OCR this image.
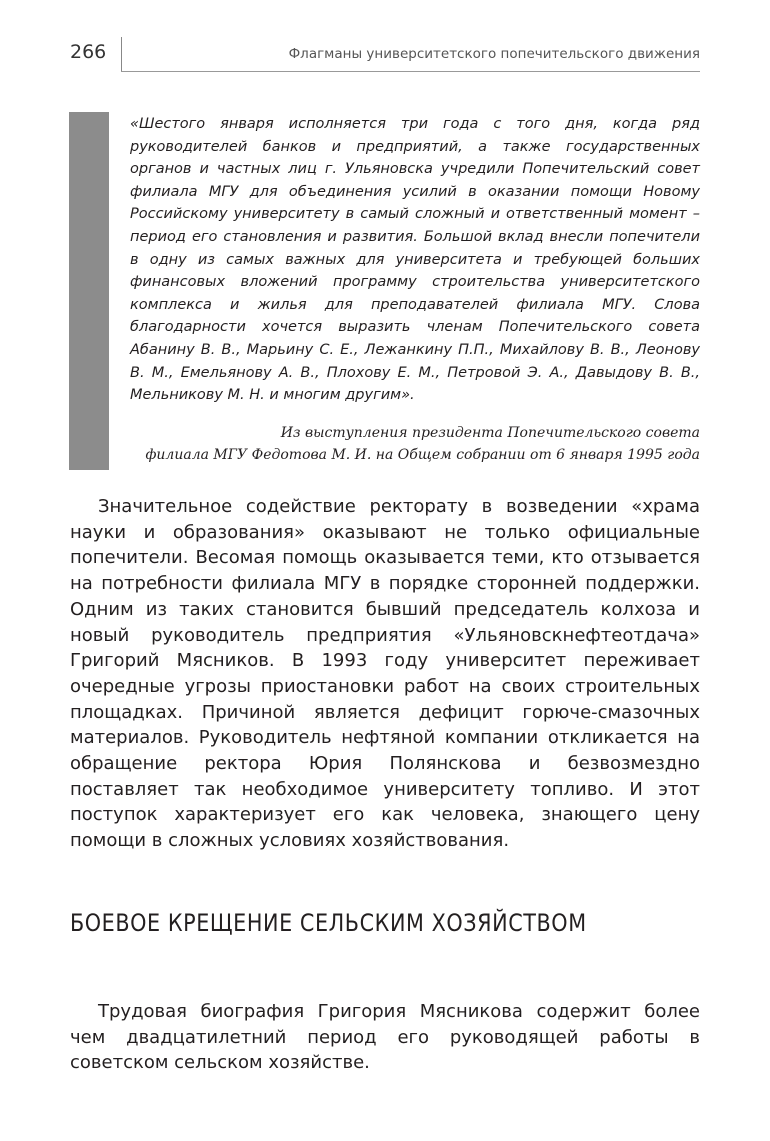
266	Флагманы университетского попечительского движения
«Шестого января исполняется три года с того дня, когда ряд руководителей банков и предприятий, а также государственных органов и частных лиц г. Ульяновска учредили Попечительский совет филиала МГУ для объединения усилий в оказании помощи Новому Российскому университету в самый сложный и ответственный момент – период его становления и развития. Большой вклад внесли попечители в одну из самых важных для университета и требующей больших финансовых вложений программу строительства университетского комплекса и жилья для преподавателей филиала МГУ. Слова благодарности хочется выразить членам Попечительского совета Абанину В. В., Марьину С. Е., Лежанкину П.П., Михайлову В. В., Леонову В. М., Емельянову А. В., Плохову Е. М., Петровой Э. А., Давыдову В. В., Мельникову М. Н. и многим другим».
Из выступления президента Попечительского совета
филиала МГУ Федотова М. И. на Общем собрании от 6 января 1995 года

Значительное содействие ректорату в возведении «храма науки и образования» оказывают не только официальные попечители. Весомая помощь оказывается теми, кто отзывается на потребности филиала МГУ в порядке сторонней поддержки. Одним из таких становится бывший председатель колхоза и новый руководитель предприятия «Ульяновскнефтеотдача» Григорий Мясников. В 1993 году университет переживает очередные угрозы приостановки работ на своих строительных площадках. Причиной является дефицит горюче-смазочных материалов. Руководитель нефтяной компании откликается на обращение ректора Юрия Полянскова и безвозмездно поставляет так необходимое университету топливо. И этот поступок характеризует его как человека, знающего цену помощи в сложных условиях хозяйствования.

БОЕВОЕ КРЕЩЕНИЕ СЕЛЬСКИМ ХОЗЯЙСТВОМ

Трудовая биография Григория Мясникова содержит более чем двадцатилетний период его руководящей работы в советском сельском хозяйстве.
